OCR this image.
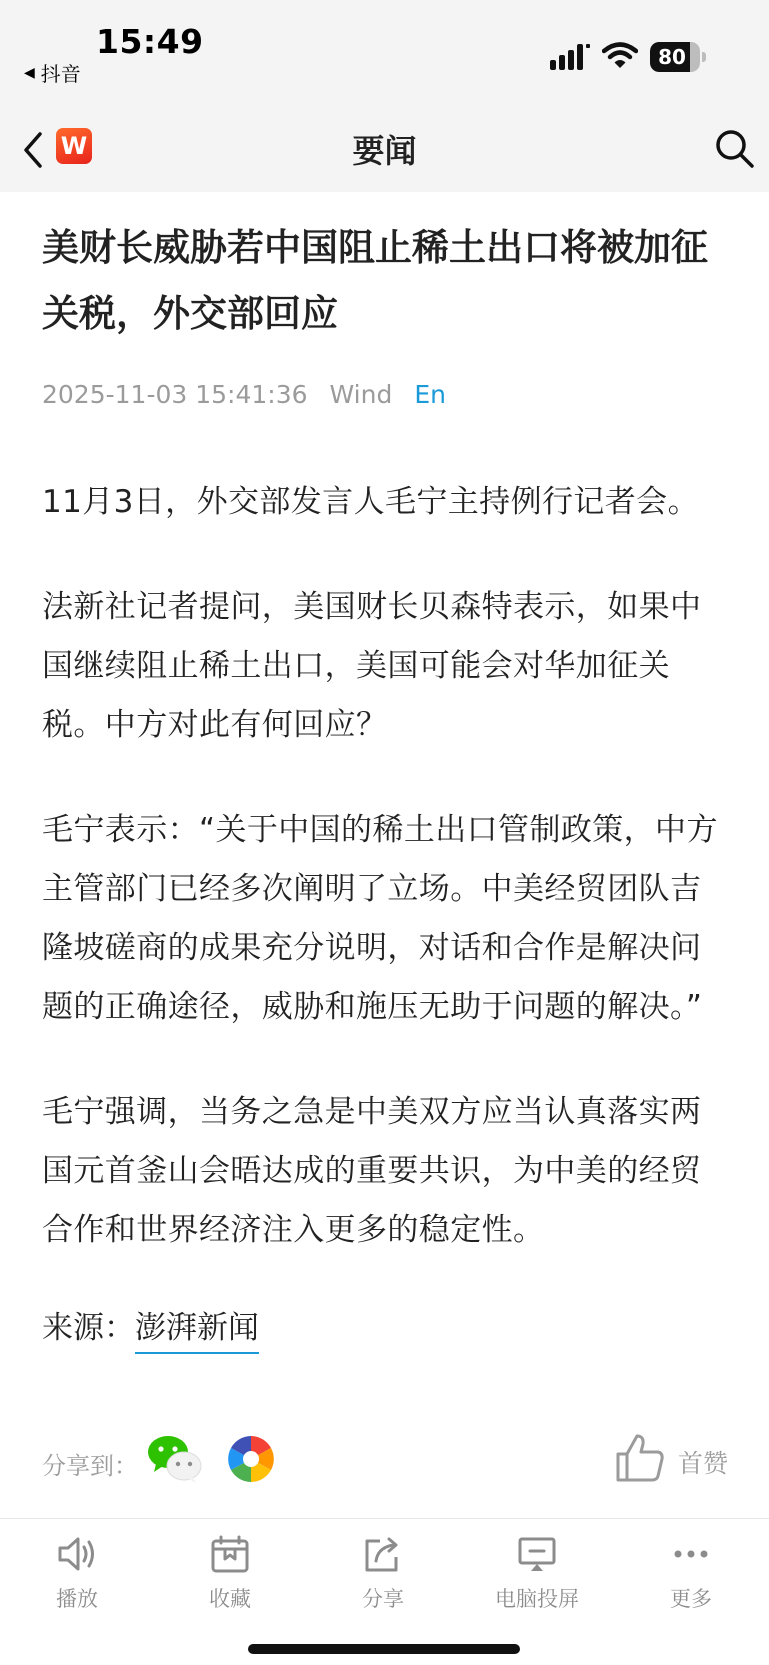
15:49
◀ 抖音
80
W	要闻
美财长威胁若中国阻止稀土出口将被加征关税，外交部回应
2025-11-03 15:41:36 Wind En

11月3日，外交部发言人毛宁主持例行记者会。

法新社记者提问，美国财长贝森特表示，如果中国继续阻止稀土出口，美国可能会对华加征关税。中方对此有何回应？

毛宁表示：“关于中国的稀土出口管制政策，中方主管部门已经多次阐明了立场。中美经贸团队吉隆坡磋商的成果充分说明，对话和合作是解决问题的正确途径，威胁和施压无助于问题的解决。”

毛宁强调，当务之急是中美双方应当认真落实两国元首釜山会晤达成的重要共识，为中美的经贸合作和世界经济注入更多的稳定性。

来源：澎湃新闻
分享到：	首赞
播放	收藏	分享	电脑投屏	更多
